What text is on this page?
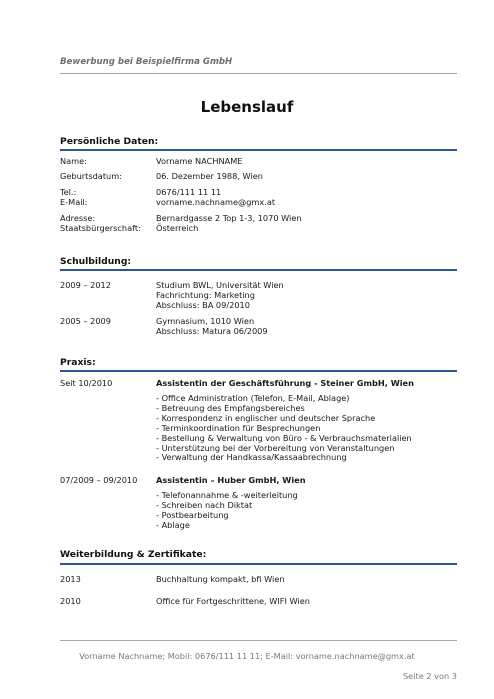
Bewerbung bei Beispielfirma GmbH
Lebenslauf
Persönliche Daten:
Name:	Vorname NACHNAME
Geburtsdatum:	06. Dezember 1988, Wien
Tel.:	0676/111 11 11
E-Mail:	vorname.nachname@gmx.at
Adresse:	Bernardgasse 2 Top 1-3, 1070 Wien
Staatsbürgerschaft: Österreich
Schulbildung:
2009 – 2012	Studium BWL, Universität Wien
Fachrichtung: Marketing
Abschluss: BA 09/2010
2005 – 2009	Gymnasium, 1010 Wien
Abschluss: Matura 06/2009
Praxis:
Seit 10/2010	Assistentin der Geschäftsführung - Steiner GmbH, Wien
- Office Administration (Telefon, E-Mail, Ablage)
- Betreuung des Empfangsbereiches
- Korrespondenz in englischer und deutscher Sprache
- Terminkoordination für Besprechungen
- Bestellung & Verwaltung von Büro - & Verbrauchsmaterialien
- Unterstützung bei der Vorbereitung von Veranstaltungen
- Verwaltung der Handkassa/Kassaabrechnung
07/2009 – 09/2010 Assistentin – Huber GmbH, Wien
- Telefonannahme & -weiterleitung
- Schreiben nach Diktat
- Postbearbeitung
- Ablage
Weiterbildung & Zertifikate:
2013	Buchhaltung kompakt, bfi Wien
2010	Office für Fortgeschrittene, WIFI Wien
Vorname Nachname; Mobil: 0676/111 11 11; E-Mail: vorname.nachname@gmx.at
Seite 2 von 3
